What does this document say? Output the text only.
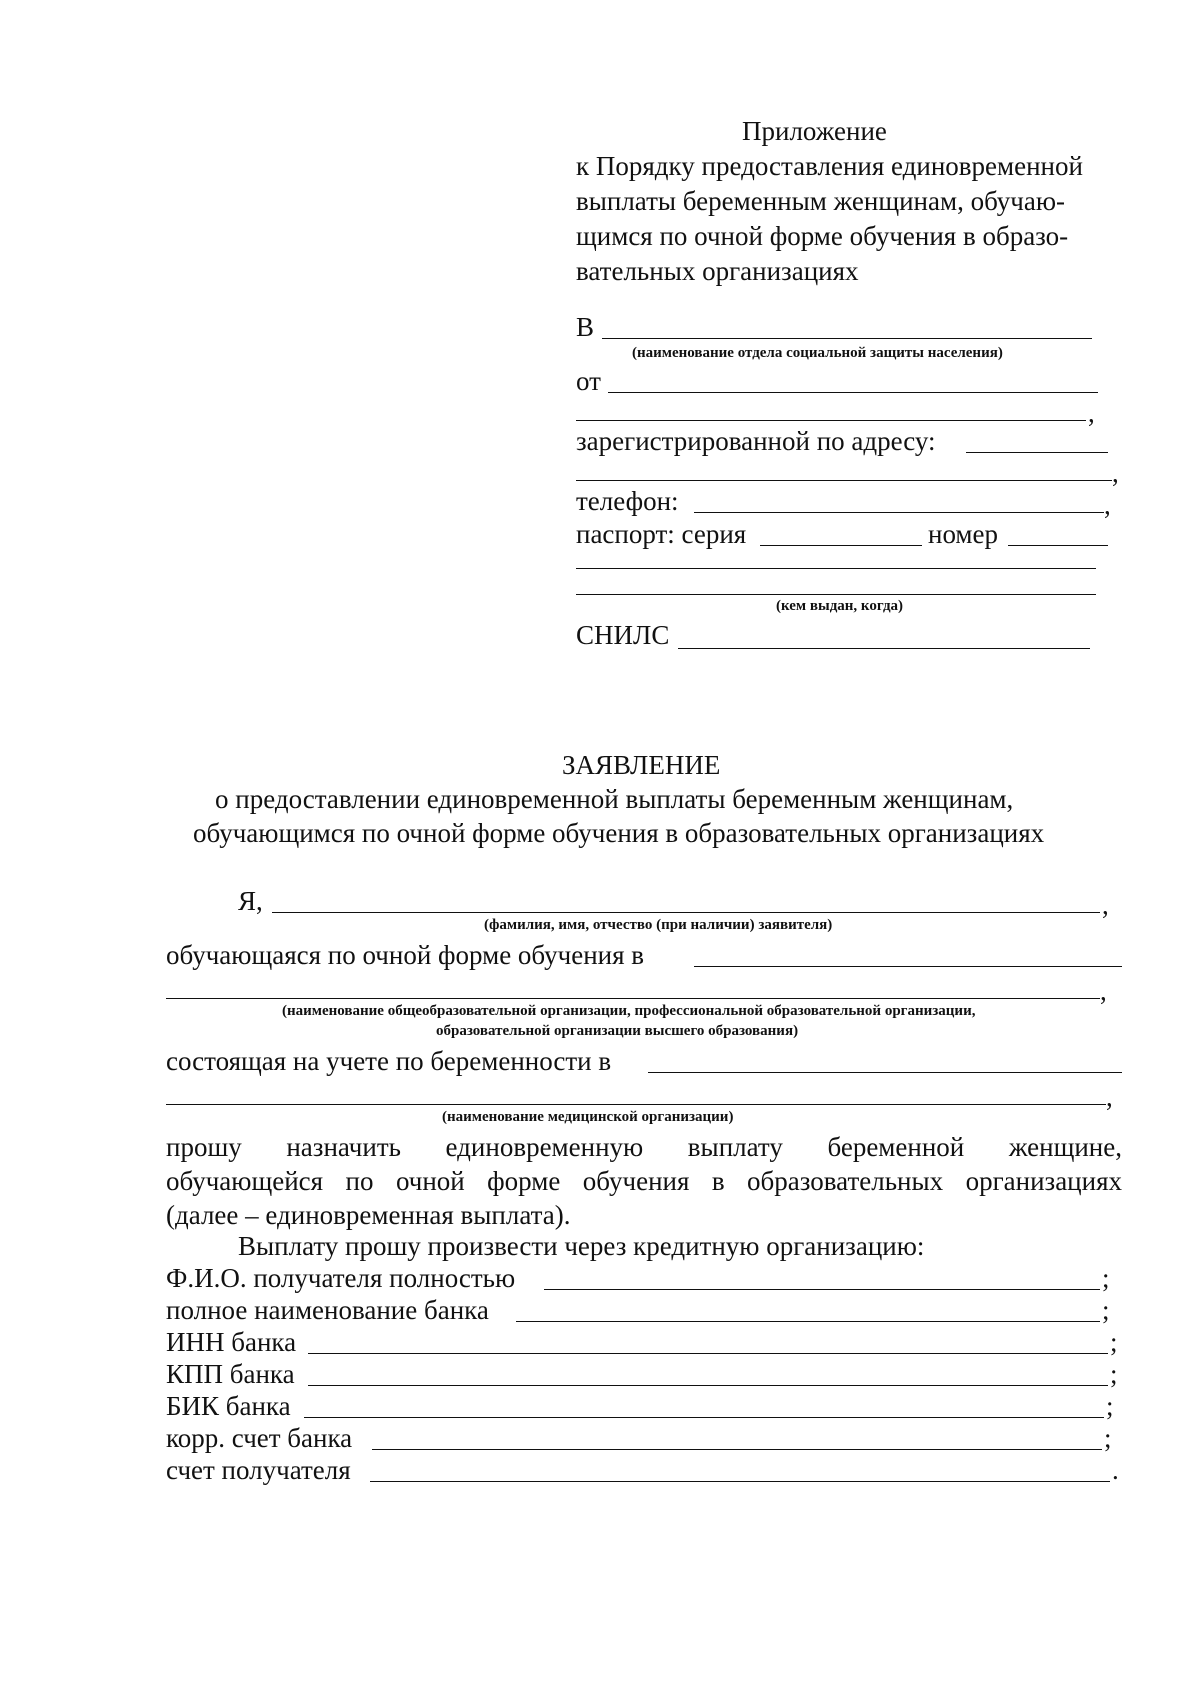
Приложение
к Порядку предоставления единовременной
выплаты беременным женщинам, обучаю-
щимся по очной форме обучения в образо-
вательных организациях
В
(наименование отдела социальной защиты населения)
от
,
зарегистрированной по адресу:
,
телефон:	,
паспорт: серия	номер
(кем выдан, когда)
СНИЛС
ЗАЯВЛЕНИЕ
о предоставлении единовременной выплаты беременным женщинам,
обучающимся по очной форме обучения в образовательных организациях
Я,	,
(фамилия, имя, отчество (при наличии) заявителя)
обучающаяся по очной форме обучения в
,
(наименование общеобразовательной организации, профессиональной образовательной организации,
образовательной организации высшего образования)
состоящая на учете по беременности в
,
(наименование медицинской организации)
прошу назначить единовременную выплату беременной женщине,
обучающейся по очной форме обучения в образовательных организациях
(далее – единовременная выплата).
Выплату прошу произвести через кредитную организацию:
Ф.И.О. получателя полностью	;
полное наименование банка	;
ИНН банка	;
КПП банка	;
БИК банка	;
корр. счет банка	;
счет получателя	.
